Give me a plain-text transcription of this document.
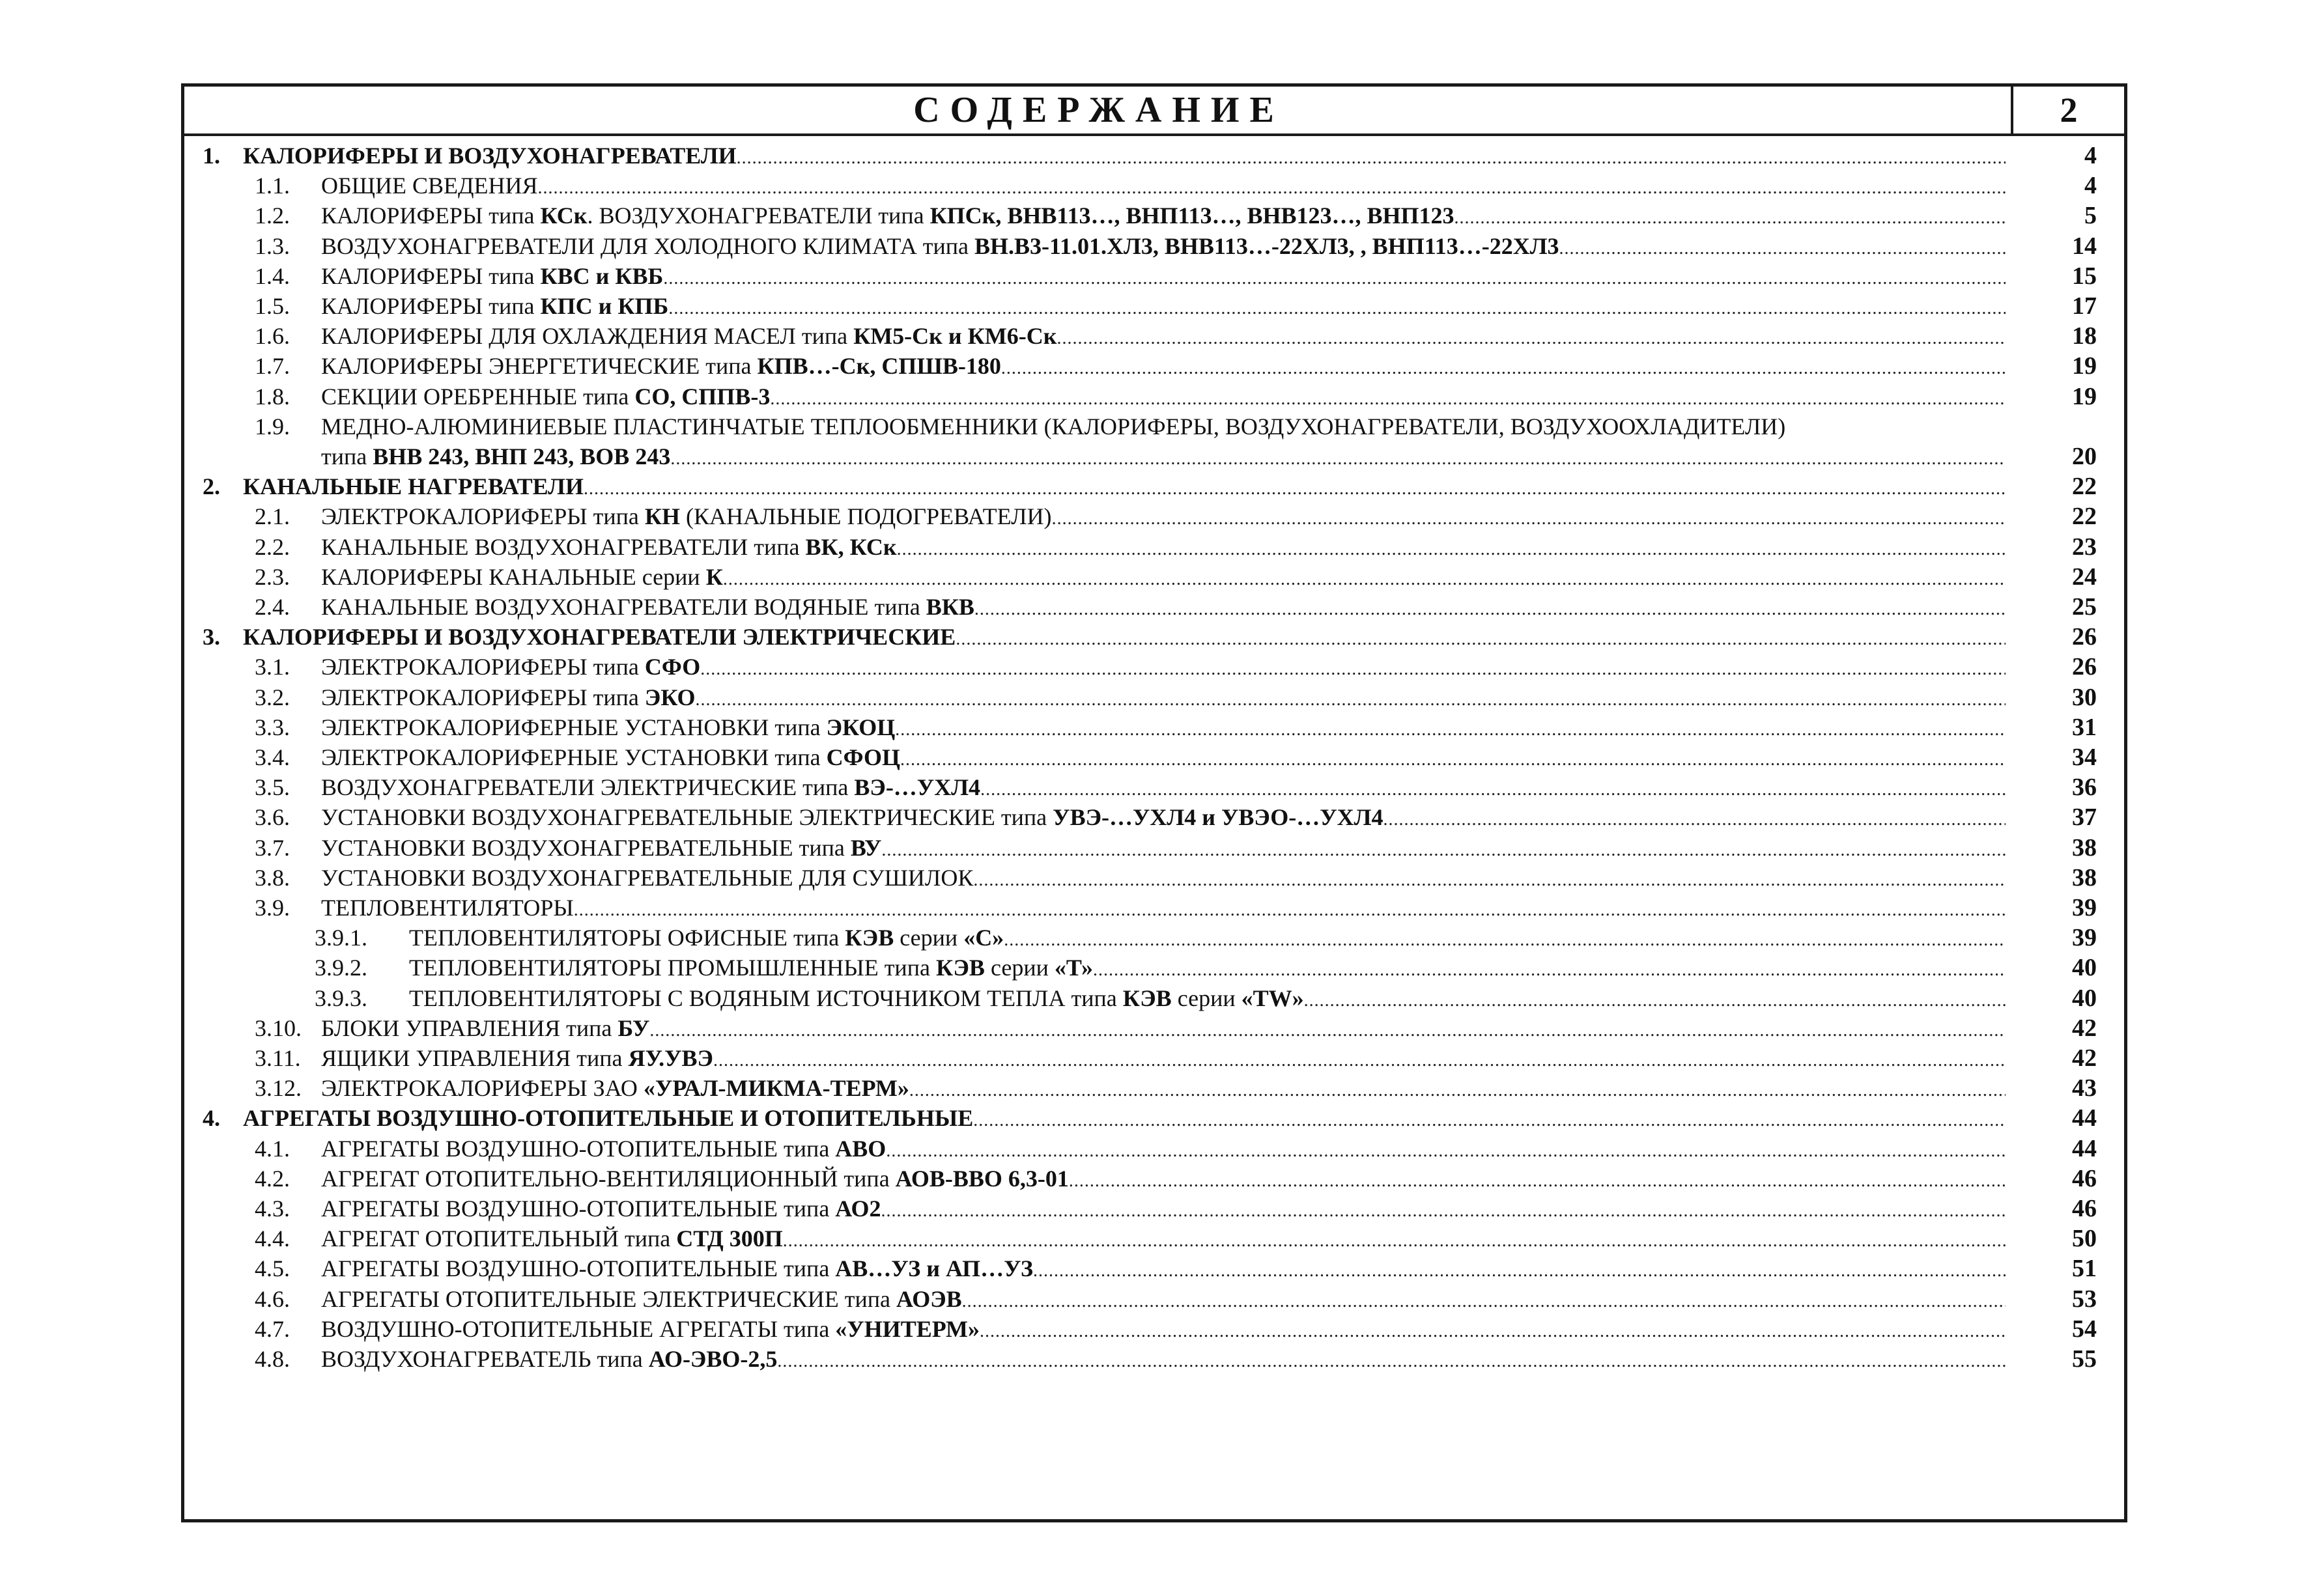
СОДЕРЖАНИЕ	2
1. КАЛОРИФЕРЫ И ВОЗДУХОНАГРЕВАТЕЛИ .....	4
1.1. ОБЩИЕ СВЕДЕНИЯ .....	4
1.2. КАЛОРИФЕРЫ типа КСк. ВОЗДУХОНАГРЕВАТЕЛИ типа КПСк, ВНВ113…, ВНП113…, ВНВ123…, ВНП123 .....	5
1.3. ВОЗДУХОНАГРЕВАТЕЛИ ДЛЯ ХОЛОДНОГО КЛИМАТА типа ВН.В3-11.01.ХЛ3, ВНВ113…-22ХЛ3, , ВНП113…-22ХЛ3 .....	14
1.4. КАЛОРИФЕРЫ типа КВС и КВБ .....	15
1.5. КАЛОРИФЕРЫ типа КПС и КПБ .....	17
1.6. КАЛОРИФЕРЫ ДЛЯ ОХЛАЖДЕНИЯ МАСЕЛ типа КМ5-Ск и КМ6-Ск .....	18
1.7. КАЛОРИФЕРЫ ЭНЕРГЕТИЧЕСКИЕ типа КПВ…-Ск, СПШВ-180 .....	19
1.8. СЕКЦИИ ОРЕБРЕННЫЕ типа СО, СППВ-3 .....	19
1.9. МЕДНО-АЛЮМИНИЕВЫЕ ПЛАСТИНЧАТЫЕ ТЕПЛООБМЕННИКИ (КАЛОРИФЕРЫ, ВОЗДУХОНАГРЕВАТЕЛИ, ВОЗДУХООХЛАДИТЕЛИ)
типа ВНВ 243, ВНП 243, ВОВ 243 .....	20
2. КАНАЛЬНЫЕ НАГРЕВАТЕЛИ .....	22
2.1. ЭЛЕКТРОКАЛОРИФЕРЫ типа КН (КАНАЛЬНЫЕ ПОДОГРЕВАТЕЛИ) .....	22
2.2. КАНАЛЬНЫЕ ВОЗДУХОНАГРЕВАТЕЛИ типа ВК, КСк .....	23
2.3. КАЛОРИФЕРЫ КАНАЛЬНЫЕ серии К .....	24
2.4. КАНАЛЬНЫЕ ВОЗДУХОНАГРЕВАТЕЛИ ВОДЯНЫЕ типа ВКВ .....	25
3. КАЛОРИФЕРЫ И ВОЗДУХОНАГРЕВАТЕЛИ ЭЛЕКТРИЧЕСКИЕ .....	26
3.1. ЭЛЕКТРОКАЛОРИФЕРЫ типа СФО .....	26
3.2. ЭЛЕКТРОКАЛОРИФЕРЫ типа ЭКО .....	30
3.3. ЭЛЕКТРОКАЛОРИФЕРНЫЕ УСТАНОВКИ типа ЭКОЦ .....	31
3.4. ЭЛЕКТРОКАЛОРИФЕРНЫЕ УСТАНОВКИ типа СФОЦ .....	34
3.5. ВОЗДУХОНАГРЕВАТЕЛИ ЭЛЕКТРИЧЕСКИЕ типа ВЭ-…УХЛ4 .....	36
3.6. УСТАНОВКИ ВОЗДУХОНАГРЕВАТЕЛЬНЫЕ ЭЛЕКТРИЧЕСКИЕ типа УВЭ-…УХЛ4 и УВЭО-…УХЛ4 .....	37
3.7. УСТАНОВКИ ВОЗДУХОНАГРЕВАТЕЛЬНЫЕ типа ВУ .....	38
3.8. УСТАНОВКИ ВОЗДУХОНАГРЕВАТЕЛЬНЫЕ ДЛЯ СУШИЛОК .....	38
3.9. ТЕПЛОВЕНТИЛЯТОРЫ .....	39
3.9.1. ТЕПЛОВЕНТИЛЯТОРЫ ОФИСНЫЕ типа КЭВ серии «С» .....	39
3.9.2. ТЕПЛОВЕНТИЛЯТОРЫ ПРОМЫШЛЕННЫЕ типа КЭВ серии «Т» .....	40
3.9.3. ТЕПЛОВЕНТИЛЯТОРЫ С ВОДЯНЫМ ИСТОЧНИКОМ ТЕПЛА типа КЭВ серии «TW» .....	40
3.10. БЛОКИ УПРАВЛЕНИЯ типа БУ .....	42
3.11. ЯЩИКИ УПРАВЛЕНИЯ типа ЯУ.УВЭ .....	42
3.12. ЭЛЕКТРОКАЛОРИФЕРЫ ЗАО «УРАЛ-МИКМА-ТЕРМ» .....	43
4. АГРЕГАТЫ ВОЗДУШНО-ОТОПИТЕЛЬНЫЕ И ОТОПИТЕЛЬНЫЕ .....	44
4.1. АГРЕГАТЫ ВОЗДУШНО-ОТОПИТЕЛЬНЫЕ типа АВО .....	44
4.2. АГРЕГАТ ОТОПИТЕЛЬНО-ВЕНТИЛЯЦИОННЫЙ типа АОВ-ВВО 6,3-01 .....	46
4.3. АГРЕГАТЫ ВОЗДУШНО-ОТОПИТЕЛЬНЫЕ типа АО2 .....	46
4.4. АГРЕГАТ ОТОПИТЕЛЬНЫЙ типа СТД 300П .....	50
4.5. АГРЕГАТЫ ВОЗДУШНО-ОТОПИТЕЛЬНЫЕ типа АВ…УЗ и АП…УЗ .....	51
4.6. АГРЕГАТЫ ОТОПИТЕЛЬНЫЕ ЭЛЕКТРИЧЕСКИЕ типа АОЭВ .....	53
4.7. ВОЗДУШНО-ОТОПИТЕЛЬНЫЕ АГРЕГАТЫ типа «УНИТЕРМ» .....	54
4.8. ВОЗДУХОНАГРЕВАТЕЛЬ типа АО-ЭВО-2,5 .....	55
